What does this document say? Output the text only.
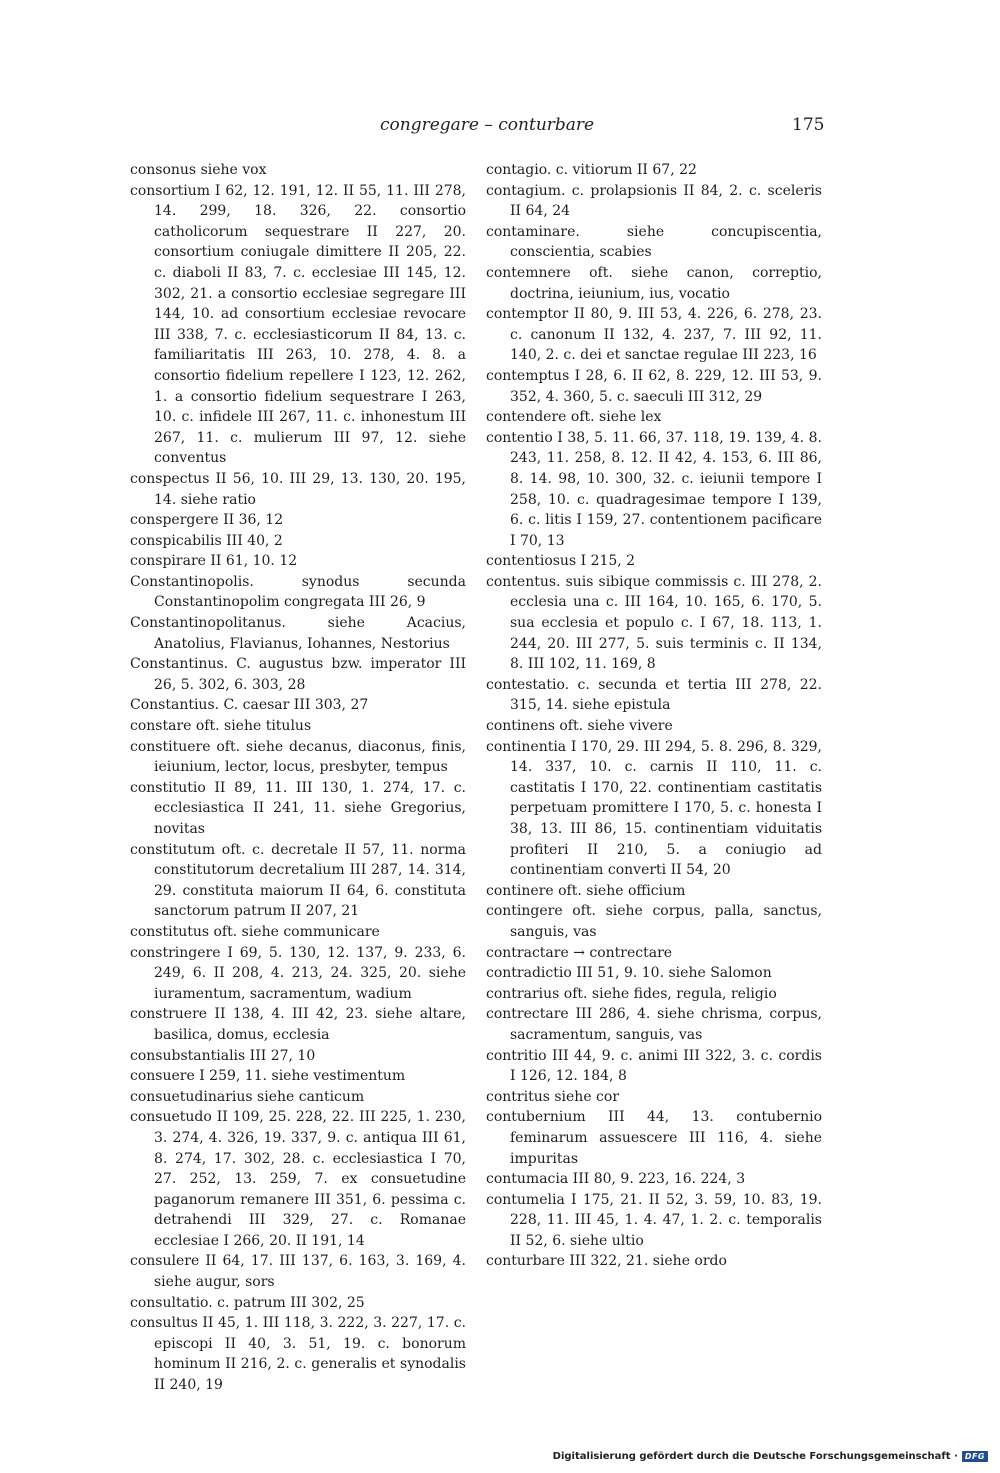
congregare – conturbare	175

consonus siehe vox

consortium I 62, 12. 191, 12. II 55, 11. III 278, 14. 299, 18. 326, 22. consortio catholicorum sequestrare II 227, 20. consortium coniugale dimittere II 205, 22. c. diaboli II 83, 7. c. ecclesiae III 145, 12. 302, 21. a consortio ecclesiae segregare III 144, 10. ad consortium ecclesiae revocare III 338, 7. c. ecclesiasticorum II 84, 13. c. familiaritatis III 263, 10. 278, 4. 8. a consortio fidelium repellere I 123, 12. 262, 1. a consortio fidelium sequestrare I 263, 10. c. infidele III 267, 11. c. inhonestum III 267, 11. c. mulierum III 97, 12. siehe conventus

conspectus II 56, 10. III 29, 13. 130, 20. 195, 14. siehe ratio

conspergere II 36, 12

conspicabilis III 40, 2

conspirare II 61, 10. 12

Constantinopolis. synodus secunda Constantinopolim congregata III 26, 9

Constantinopolitanus. siehe Acacius, Anatolius, Flavianus, Iohannes, Nestorius

Constantinus. C. augustus bzw. imperator III 26, 5. 302, 6. 303, 28

Constantius. C. caesar III 303, 27

constare oft. siehe titulus

constituere oft. siehe decanus, diaconus, finis, ieiunium, lector, locus, presbyter, tempus

constitutio II 89, 11. III 130, 1. 274, 17. c. ecclesiastica II 241, 11. siehe Gregorius, novitas

constitutum oft. c. decretale II 57, 11. norma constitutorum decretalium III 287, 14. 314, 29. constituta maiorum II 64, 6. constituta sanctorum patrum II 207, 21

constitutus oft. siehe communicare

constringere I 69, 5. 130, 12. 137, 9. 233, 6. 249, 6. II 208, 4. 213, 24. 325, 20. siehe iuramentum, sacramentum, wadium

construere II 138, 4. III 42, 23. siehe altare, basilica, domus, ecclesia

consubstantialis III 27, 10

consuere I 259, 11. siehe vestimentum

consuetudinarius siehe canticum

consuetudo II 109, 25. 228, 22. III 225, 1. 230, 3. 274, 4. 326, 19. 337, 9. c. antiqua III 61, 8. 274, 17. 302, 28. c. ecclesiastica I 70, 27. 252, 13. 259, 7. ex consuetudine paganorum remanere III 351, 6. pessima c. detrahendi III 329, 27. c. Romanae ecclesiae I 266, 20. II 191, 14

consulere II 64, 17. III 137, 6. 163, 3. 169, 4. siehe augur, sors

consultatio. c. patrum III 302, 25

consultus II 45, 1. III 118, 3. 222, 3. 227, 17. c. episcopi II 40, 3. 51, 19. c. bonorum hominum II 216, 2. c. generalis et synodalis II 240, 19

contagio. c. vitiorum II 67, 22

contagium. c. prolapsionis II 84, 2. c. sceleris II 64, 24

contaminare. siehe concupiscentia, conscientia, scabies

contemnere oft. siehe canon, correptio, doctrina, ieiunium, ius, vocatio

contemptor II 80, 9. III 53, 4. 226, 6. 278, 23. c. canonum II 132, 4. 237, 7. III 92, 11. 140, 2. c. dei et sanctae regulae III 223, 16

contemptus I 28, 6. II 62, 8. 229, 12. III 53, 9. 352, 4. 360, 5. c. saeculi III 312, 29

contendere oft. siehe lex

contentio I 38, 5. 11. 66, 37. 118, 19. 139, 4. 8. 243, 11. 258, 8. 12. II 42, 4. 153, 6. III 86, 8. 14. 98, 10. 300, 32. c. ieiunii tempore I 258, 10. c. quadragesimae tempore I 139, 6. c. litis I 159, 27. contentionem pacificare I 70, 13

contentiosus I 215, 2

contentus. suis sibique commissis c. III 278, 2. ecclesia una c. III 164, 10. 165, 6. 170, 5. sua ecclesia et populo c. I 67, 18. 113, 1. 244, 20. III 277, 5. suis terminis c. II 134, 8. III 102, 11. 169, 8

contestatio. c. secunda et tertia III 278, 22. 315, 14. siehe epistula

continens oft. siehe vivere

continentia I 170, 29. III 294, 5. 8. 296, 8. 329, 14. 337, 10. c. carnis II 110, 11. c. castitatis I 170, 22. continentiam castitatis perpetuam promittere I 170, 5. c. honesta I 38, 13. III 86, 15. continentiam viduitatis profiteri II 210, 5. a coniugio ad continentiam converti II 54, 20

continere oft. siehe officium

contingere oft. siehe corpus, palla, sanctus, sanguis, vas

contractare → contrectare

contradictio III 51, 9. 10. siehe Salomon

contrarius oft. siehe fides, regula, religio

contrectare III 286, 4. siehe chrisma, corpus, sacramentum, sanguis, vas

contritio III 44, 9. c. animi III 322, 3. c. cordis I 126, 12. 184, 8

contritus siehe cor

contubernium III 44, 13. contubernio feminarum assuescere III 116, 4. siehe impuritas

contumacia III 80, 9. 223, 16. 224, 3

contumelia I 175, 21. II 52, 3. 59, 10. 83, 19. 228, 11. III 45, 1. 4. 47, 1. 2. c. temporalis II 52, 6. siehe ultio

conturbare III 322, 21. siehe ordo

Digitalisierung gefördert durch die Deutsche Forschungsgemeinschaft · DFG
